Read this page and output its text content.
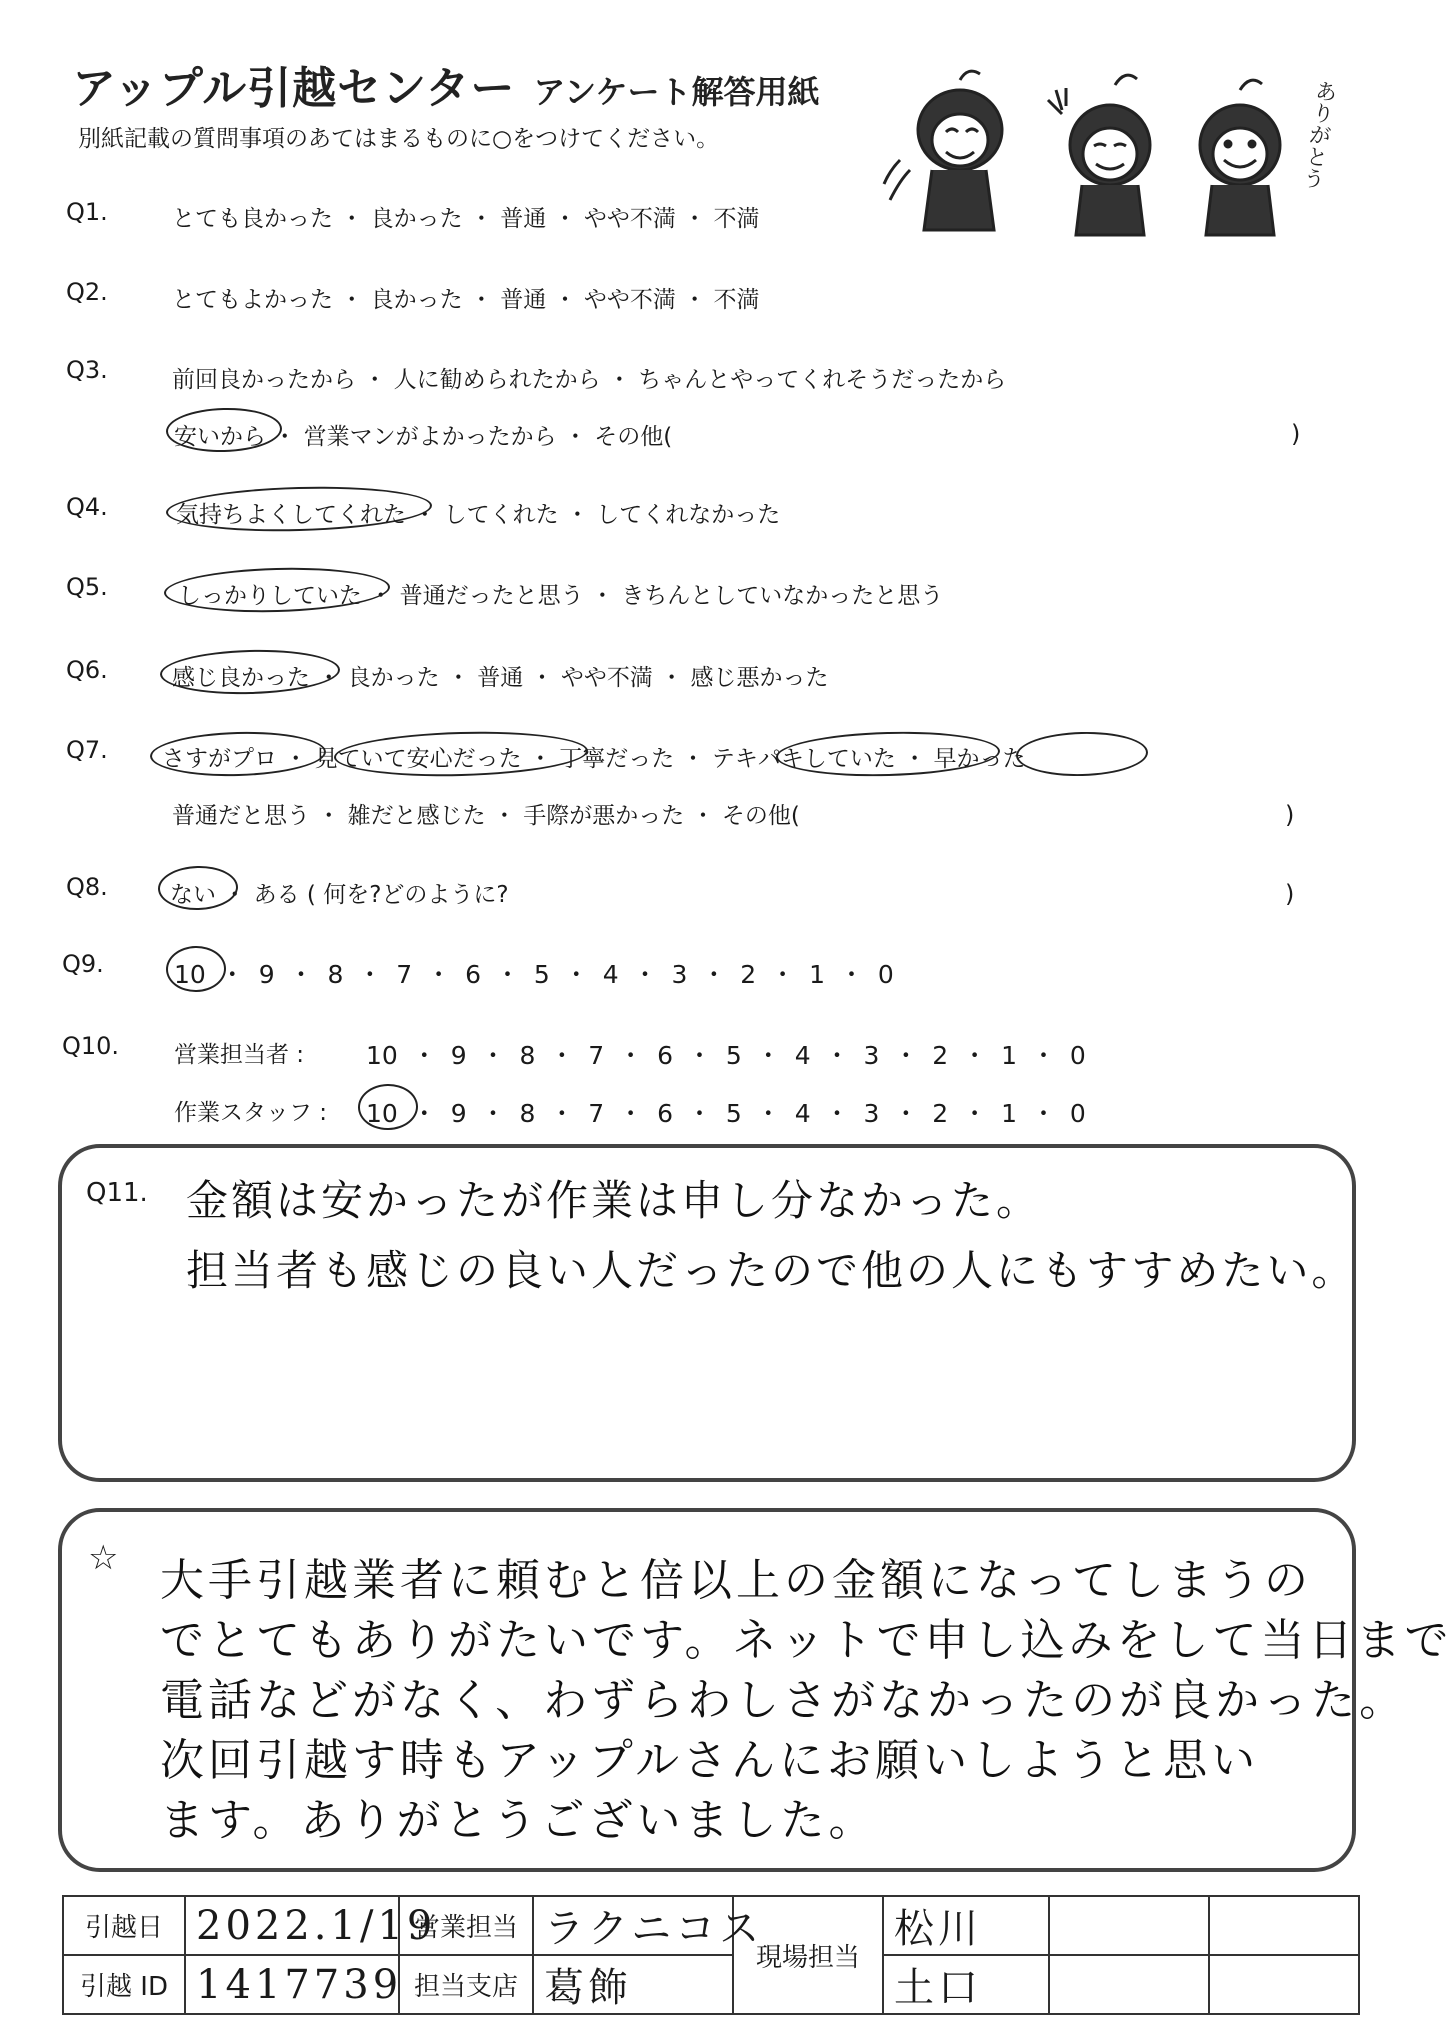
アップル引越センター アンケート解答用紙
別紙記載の質問事項のあてはまるものに○をつけてください。	ありがとう
Q1.	とても良かった ・ 良かった ・ 普通 ・ やや不満 ・ 不満
Q2.	とてもよかった ・ 良かった ・ 普通 ・ やや不満 ・ 不満
Q3.	前回良かったから ・ 人に勧められたから ・ ちゃんとやってくれそうだったから
安いから ・ 営業マンがよかったから ・ その他(	)
Q4.	気持ちよくしてくれた ・ してくれた ・ してくれなかった
Q5.	しっかりしていた ・ 普通だったと思う ・ きちんとしていなかったと思う
Q6.	感じ良かった ・ 良かった ・ 普通 ・ やや不満 ・ 感じ悪かった
Q7. さすがプロ ・ 見ていて安心だった ・ 丁寧だった ・ テキパキしていた ・ 早かった
普通だと思う ・ 雑だと感じた ・ 手際が悪かった ・ その他(	)
Q8.	ない ・ ある ( 何を?どのように?	)
Q9.	10 ・ 9 ・ 8 ・ 7 ・ 6 ・ 5 ・ 4 ・ 3 ・ 2 ・ 1 ・ 0
Q10. 営業担当者 : 10 ・ 9 ・ 8 ・ 7 ・ 6 ・ 5 ・ 4 ・ 3 ・ 2 ・ 1 ・ 0
作業スタッフ : 10 ・ 9 ・ 8 ・ 7 ・ 6 ・ 5 ・ 4 ・ 3 ・ 2 ・ 1 ・ 0
Q11. 金額は安かったが作業は申し分なかった。
担当者も感じの良い人だったので他の人にもすすめたい。
☆ 大手引越業者に頼むと倍以上の金額になってしまうの
でとてもありがたいです。ネットで申し込みをして当日まで
電話などがなく、わずらわしさがなかったのが良かった。
次回引越す時もアップルさんにお願いしようと思い
ます。ありがとうございました。
引越日	2022.1/19	営業担当	ラクニコス	現場担当	松川		
引越 ID	1417739	担当支店	葛飾		土口		
